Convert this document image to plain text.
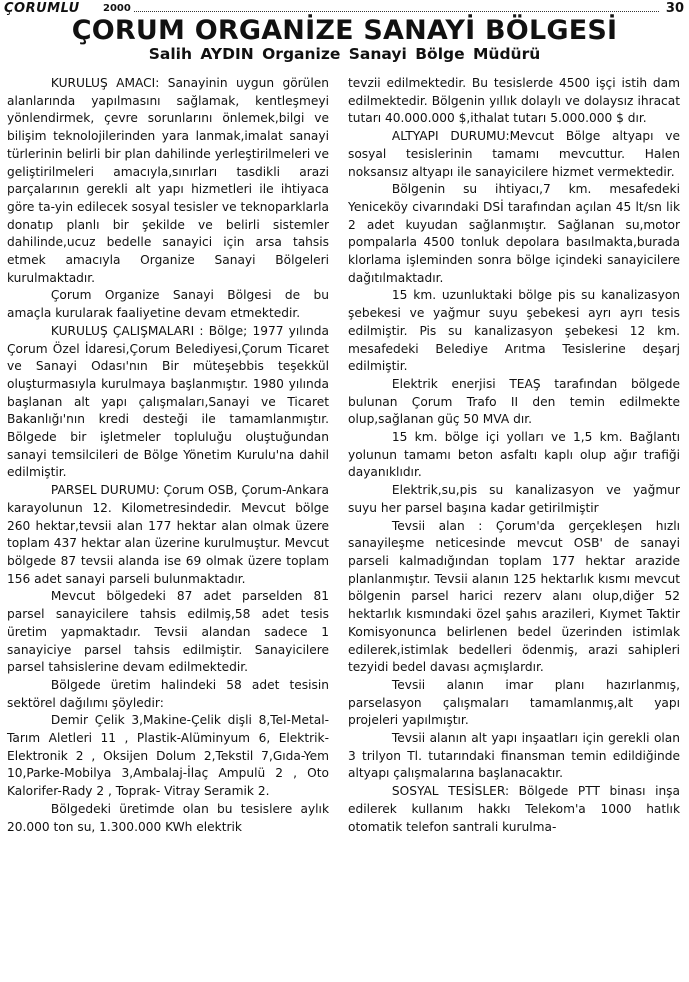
ÇORUMLU 2000	30
ÇORUM ORGANİZE SANAYİ BÖLGESİ
Salih AYDIN Organize Sanayi Bölge Müdürü

KURULUŞ AMACI: Sanayinin uygun görülen alanlarında yapılmasını sağlamak, kentleşmeyi yönlendirmek, çevre sorunlarını önlemek,bilgi ve bilişim teknolojilerinden yara lanmak,imalat sanayi türlerinin belirli bir plan dahilinde yerleştirilmeleri ve geliştirilmeleri amacıyla,sınırları tasdikli arazi parçalarının gerekli alt yapı hizmetleri ile ihtiyaca göre ta-yin edilecek sosyal tesisler ve teknoparklarla donatıp planlı bir şekilde ve belirli sistemler dahilinde,ucuz bedelle sanayici için arsa tahsis etmek amacıyla Organize Sanayi Bölgeleri kurulmaktadır.

Çorum Organize Sanayi Bölgesi de bu amaçla kurularak faaliyetine devam etmektedir.

KURULUŞ ÇALIŞMALARI : Bölge; 1977 yılında Çorum Özel İdaresi,Çorum Belediyesi,Çorum Ticaret ve Sanayi Odası'nın Bir müteşebbis teşekkül oluşturmasıyla kurulmaya başlanmıştır. 1980 yılında başlanan alt yapı çalışmaları,Sanayi ve Ticaret Bakanlığı'nın kredi desteği ile tamamlanmıştır. Bölgede bir işletmeler topluluğu oluştuğundan sanayi temsilcileri de Bölge Yönetim Kurulu'na dahil edilmiştir.

PARSEL DURUMU: Çorum OSB, Çorum-Ankara karayolunun 12. Kilometresindedir. Mevcut bölge 260 hektar,tevsii alan 177 hektar alan olmak üzere toplam 437 hektar alan üzerine kurulmuştur. Mevcut bölgede 87 tevsii alanda ise 69 olmak üzere toplam 156 adet sanayi parseli bulunmaktadır.

Mevcut bölgedeki 87 adet parselden 81 parsel sanayicilere tahsis edilmiş,58 adet tesis üretim yapmaktadır. Tevsii alandan sadece 1 sanayiciye parsel tahsis edilmiştir. Sanayicilere parsel tahsislerine devam edilmektedir.

Bölgede üretim halindeki 58 adet tesisin sektörel dağılımı şöyledir:

Demir Çelik 3,Makine-Çelik dişli 8,Tel-Metal-Tarım Aletleri 11 , Plastik-Alüminyum 6, Elektrik-Elektronik 2 , Oksijen Dolum 2,Tekstil 7,Gıda-Yem 10,Parke-Mobilya 3,Ambalaj-İlaç Ampulü 2 , Oto Kalorifer-Rady 2 , Toprak- Vitray Seramik 2.

Bölgedeki üretimde olan bu tesislere aylık 20.000 ton su, 1.300.000 KWh elektrik

tevzii edilmektedir. Bu tesislerde 4500 işçi istih dam edilmektedir. Bölgenin yıllık dolaylı ve dolaysız ihracat tutarı 40.000.000 $,ithalat tutarı 5.000.000 $ dır.

ALTYAPI DURUMU:Mevcut Bölge altyapı ve sosyal tesislerinin tamamı mevcuttur. Halen noksansız altyapı ile sanayicilere hizmet vermektedir.

Bölgenin su ihtiyacı,7 km. mesafedeki Yeniceköy civarındaki DSİ tarafından açılan 45 lt/sn lik 2 adet kuyudan sağlanmıştır. Sağlanan su,motor pompalarla 4500 tonluk depolara basılmakta,burada klorlama işleminden sonra bölge içindeki sanayicilere dağıtılmaktadır.

15 km. uzunluktaki bölge pis su kanalizasyon şebekesi ve yağmur suyu şebekesi ayrı ayrı tesis edilmiştir. Pis su kanalizasyon şebekesi 12 km. mesafedeki Belediye Arıtma Tesislerine deşarj edilmiştir.

Elektrik enerjisi TEAŞ tarafından bölgede bulunan Çorum Trafo II den temin edilmekte olup,sağlanan güç 50 MVA dır.

15 km. bölge içi yolları ve 1,5 km. Bağlantı yolunun tamamı beton asfaltı kaplı olup ağır trafiği dayanıklıdır.

Elektrik,su,pis su kanalizasyon ve yağmur suyu her parsel başına kadar getirilmiştir

Tevsii alan : Çorum'da gerçekleşen hızlı sanayileşme neticesinde mevcut OSB' de sanayi parseli kalmadığından toplam 177 hektar arazide planlanmıştır. Tevsii alanın 125 hektarlık kısmı mevcut bölgenin parsel harici rezerv alanı olup,diğer 52 hektarlık kısmındaki özel şahıs arazileri, Kıymet Taktir Komisyonunca belirlenen bedel üzerinden istimlak edilerek,istimlak bedelleri ödenmiş, arazi sahipleri tezyidi bedel davası açmışlardır.

Tevsii alanın imar planı hazırlanmış, parselasyon çalışmaları tamamlanmış,alt yapı projeleri yapılmıştır.

Tevsii alanın alt yapı inşaatları için gerekli olan 3 trilyon Tl. tutarındaki finansman temin edildiğinde altyapı çalışmalarına başlanacaktır.

SOSYAL TESİSLER: Bölgede PTT binası inşa edilerek kullanım hakkı Telekom'a 1000 hatlık otomatik telefon santrali kurulma-
